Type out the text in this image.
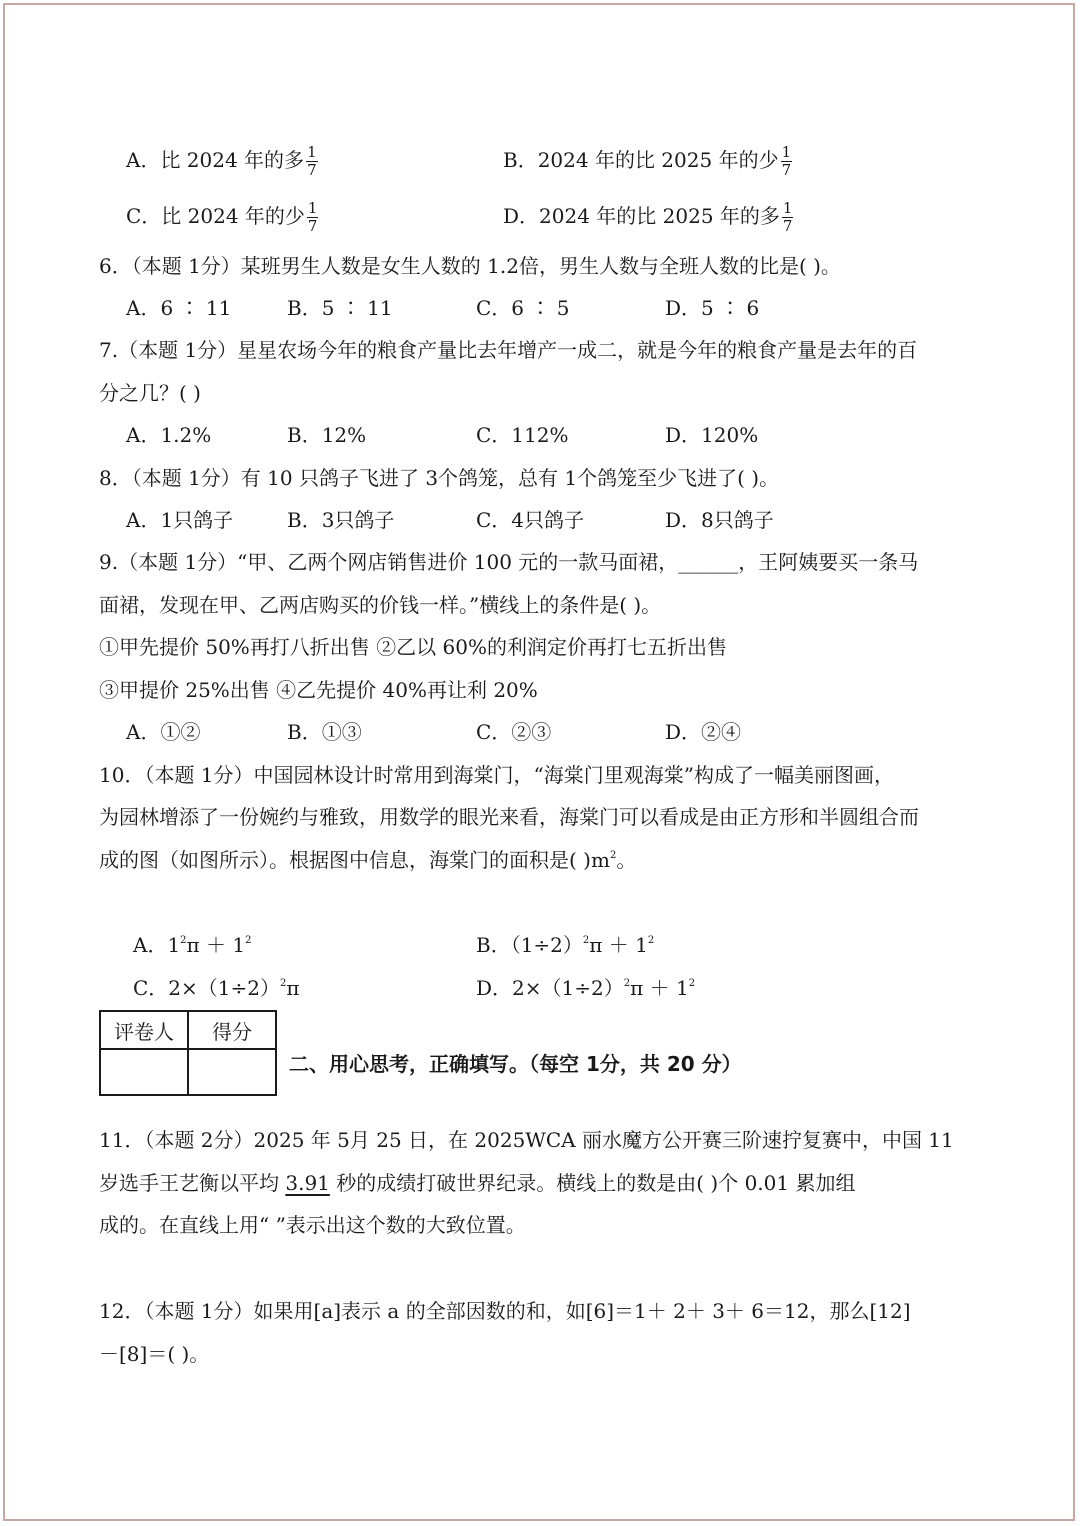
A．比 2024 年的多 $\frac{1}{7}$	B．2024 年的比 2025 年的少 $\frac{1}{7}$
C．比 2024 年的少 $\frac{1}{7}$	D．2024 年的比 2025 年的多 $\frac{1}{7}$
6．（本题 1分）某班男生人数是女生人数的 1.2倍，男生人数与全班人数的比是( )。
A．6 ∶ 11	B．5 ∶ 11	C．6 ∶ 5	D．5 ∶ 6
7.（本题 1分）星星农场今年的粮食产量比去年增产一成二，就是今年的粮食产量是去年的百
分之几？( )
A．1.2%	B．12%	C．112%	D．120%
8．（本题 1分）有 10 只鸽子飞进了 3个鸽笼，总有 1个鸽笼至少飞进了( )。
A．1只鸽子	B．3只鸽子	C．4只鸽子	D．8只鸽子
9.（本题 1分）“甲、乙两个网店销售进价 100 元的一款马面裙，______，王阿姨要买一条马
面裙，发现在甲、乙两店购买的价钱一样。”横线上的条件是( )。
①甲先提价 50%再打八折出售 ②乙以 60%的利润定价再打七五折出售
③甲提价 25%出售 ④乙先提价 40%再让利 20%
A．①②	B．①③	C．②③	D．②④
10．（本题 1分）中国园林设计时常用到海棠门，“海棠门里观海棠”构成了一幅美丽图画，
为园林增添了一份婉约与雅致，用数学的眼光来看，海棠门可以看成是由正方形和半圆组合而
成的图（如图所示）。根据图中信息，海棠门的面积是( )$m^2$。
A．$1^2\pi + 1^2$	B．$(1\div 2)^2\pi + 1^2$
C．$2\times(1\div 2)^2\pi$	D．$2\times(1\div 2)^2\pi + 1^2$
评卷人	得分

二、用心思考，正确填写。（每空 1分，共 20 分）
11．（本题 2分）2025 年 5月 25 日，在 2025WCA 丽水魔方公开赛三阶速拧复赛中，中国 11
岁选手王艺衡以平均 3.91 秒的成绩打破世界纪录。横线上的数是由( )个 0.01 累加组
成的。在直线上用“ ”表示出这个数的大致位置。
12．（本题 1分）如果用[a]表示 a 的全部因数的和，如[6]＝1＋ 2＋ 3＋ 6＝12，那么[12]
－[8]＝( )。
